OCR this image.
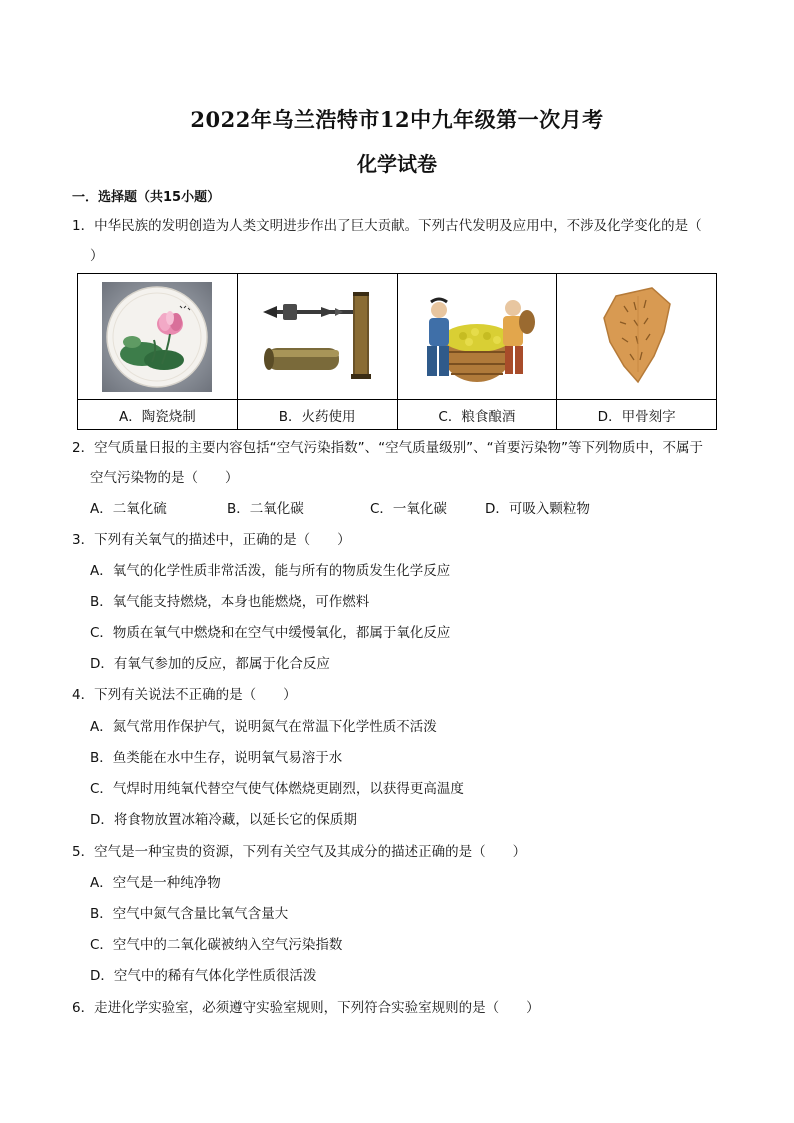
2022年乌兰浩特市12中九年级第一次月考
化学试卷
一．选择题（共15小题）
1．中华民族的发明创造为人类文明进步作出了巨大贡献。下列古代发明及应用中，不涉及化学变化的是（
）

A．陶瓷烧制	B．火药使用	C．粮食酿酒	D．甲骨刻字
2．空气质量日报的主要内容包括“空气污染指数”、“空气质量级别”、“首要污染物”等下列物质中，不属于
空气污染物的是（　　）
A．二氧化硫	B．二氧化碳	C．一氧化碳	D．可吸入颗粒物
3．下列有关氧气的描述中，正确的是（　　）
A．氧气的化学性质非常活泼，能与所有的物质发生化学反应
B．氧气能支持燃烧，本身也能燃烧，可作燃料
C．物质在氧气中燃烧和在空气中缓慢氧化，都属于氧化反应
D．有氧气参加的反应，都属于化合反应
4．下列有关说法不正确的是（　　）
A．氮气常用作保护气，说明氮气在常温下化学性质不活泼
B．鱼类能在水中生存，说明氧气易溶于水
C．气焊时用纯氧代替空气使气体燃烧更剧烈，以获得更高温度
D．将食物放置冰箱冷藏，以延长它的保质期
5．空气是一种宝贵的资源，下列有关空气及其成分的描述正确的是（　　）
A．空气是一种纯净物
B．空气中氮气含量比氧气含量大
C．空气中的二氧化碳被纳入空气污染指数
D．空气中的稀有气体化学性质很活泼
6．走进化学实验室，必须遵守实验室规则，下列符合实验室规则的是（　　）
